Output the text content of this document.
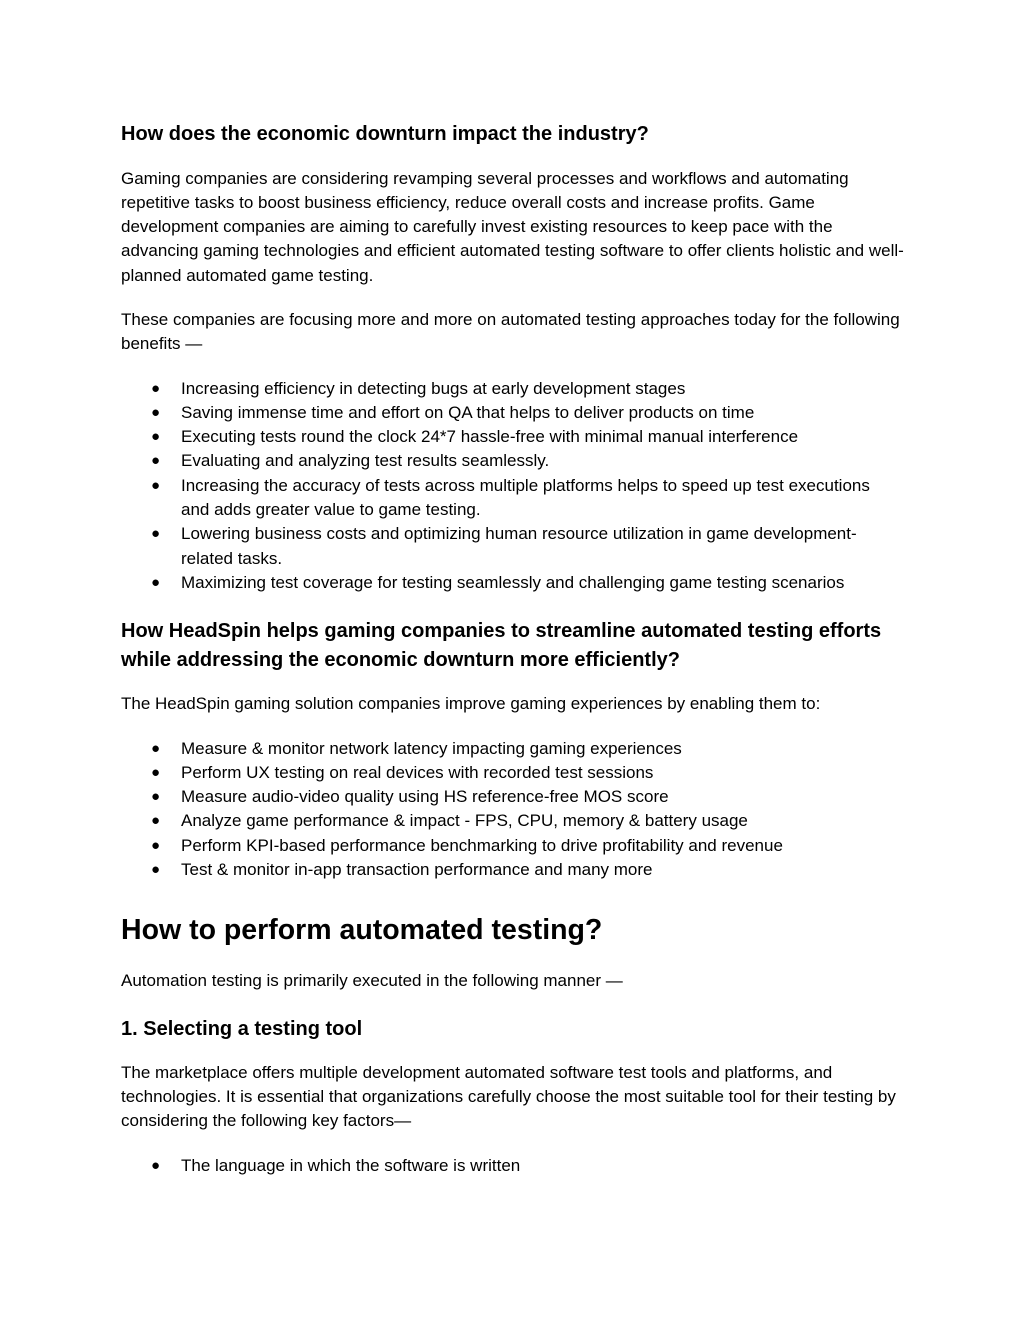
How does the economic downturn impact the industry?

Gaming companies are considering revamping several processes and workflows and automating repetitive tasks to boost business efficiency, reduce overall costs and increase profits. Game development companies are aiming to carefully invest existing resources to keep pace with the advancing gaming technologies and efficient automated testing software to offer clients holistic and well-planned automated game testing.

These companies are focusing more and more on automated testing approaches today for the following benefits —

● Increasing efficiency in detecting bugs at early development stages
● Saving immense time and effort on QA that helps to deliver products on time
● Executing tests round the clock 24*7 hassle-free with minimal manual interference
● Evaluating and analyzing test results seamlessly.
● Increasing the accuracy of tests across multiple platforms helps to speed up test executions and adds greater value to game testing.
● Lowering business costs and optimizing human resource utilization in game development-related tasks.
● Maximizing test coverage for testing seamlessly and challenging game testing scenarios
How HeadSpin helps gaming companies to streamline automated testing efforts while addressing the economic downturn more efficiently?

The HeadSpin gaming solution companies improve gaming experiences by enabling them to:

● Measure & monitor network latency impacting gaming experiences
● Perform UX testing on real devices with recorded test sessions
● Measure audio-video quality using HS reference-free MOS score
● Analyze game performance & impact - FPS, CPU, memory & battery usage
● Perform KPI-based performance benchmarking to drive profitability and revenue
● Test & monitor in-app transaction performance and many more
How to perform automated testing?

Automation testing is primarily executed in the following manner —

1. Selecting a testing tool

The marketplace offers multiple development automated software test tools and platforms, and technologies. It is essential that organizations carefully choose the most suitable tool for their testing by considering the following key factors—

● The language in which the software is written
